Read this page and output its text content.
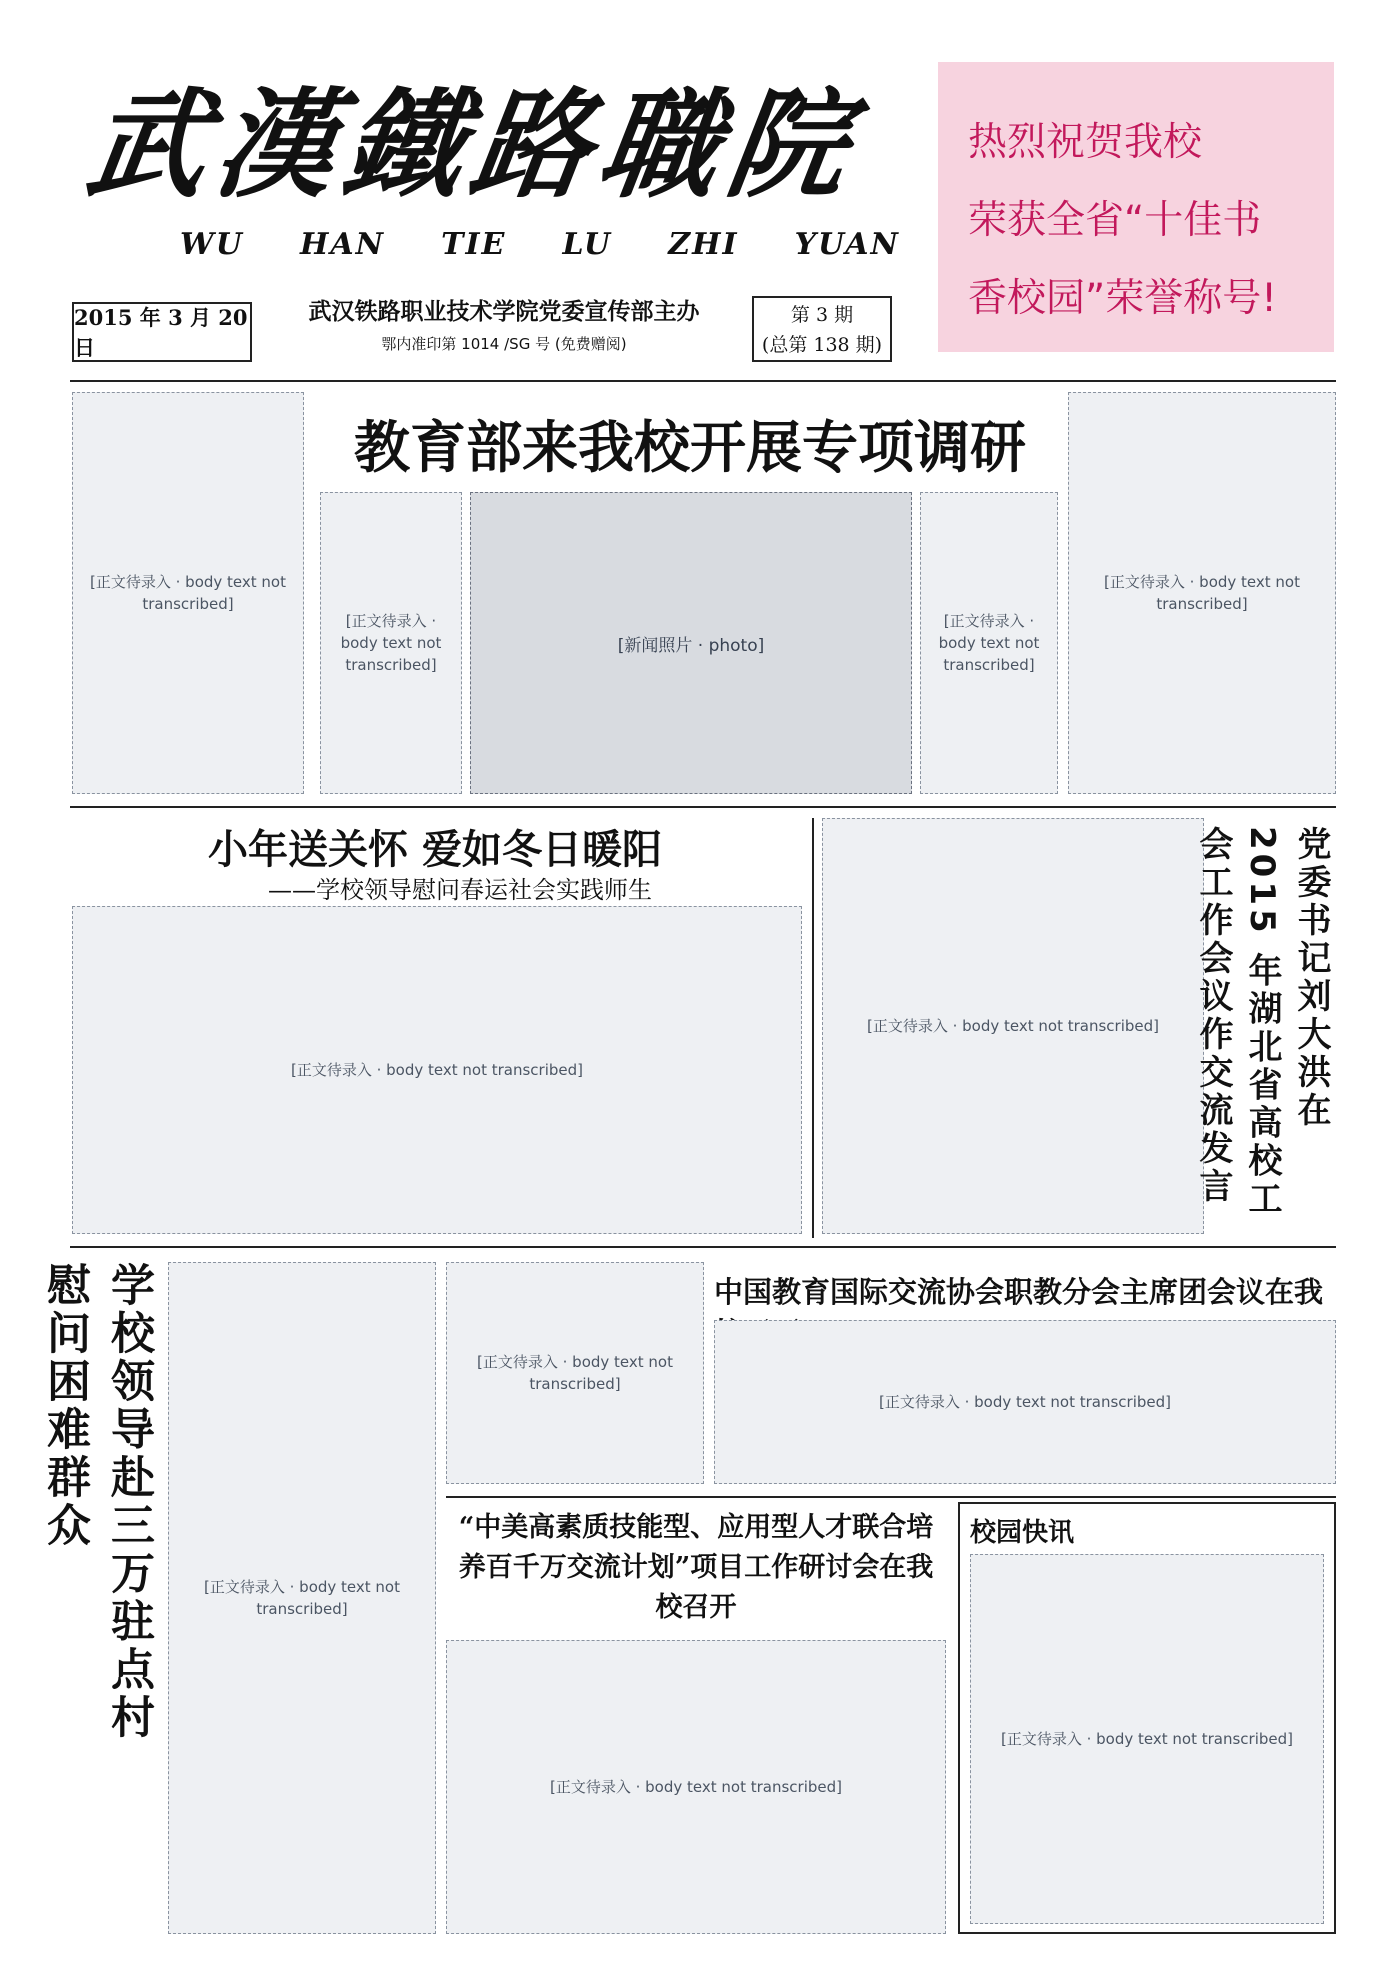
武漢鐵路職院
WU HAN TIE LU ZHI YUAN
热烈祝贺我校
荣获全省“十佳书
香校园”荣誉称号!
2015 年 3 月 20 日
武汉铁路职业技术学院党委宣传部主办
鄂内准印第 1014 /SG 号 (免费赠阅)
第 3 期
(总第 138 期)
[正文待录入 · body text not transcribed]
教育部来我校开展专项调研
[正文待录入 · body text not transcribed]
[新闻照片 · photo]
[正文待录入 · body text not transcribed]
[正文待录入 · body text not transcribed]
小年送关怀 爱如冬日暖阳
——学校领导慰问春运社会实践师生
[正文待录入 · body text not transcribed]
[正文待录入 · body text not transcribed]	党委书记刘大洪在 2015 年湖北省高校工会工作会议作交流发言
学校领导赴三万驻点村慰问困难群众
[正文待录入 · body text not transcribed]
[正文待录入 · body text not transcribed]
中国教育国际交流协会职教分会主席团会议在我
[正文待录入 · body text not transcribed]
“中美高素质技能型、应用型人才联合培养百千万交流计划”项目工作研讨会在我校召开
[正文待录入 · body text not transcribed]
校园快讯
[正文待录入 · body text not transcribed]
